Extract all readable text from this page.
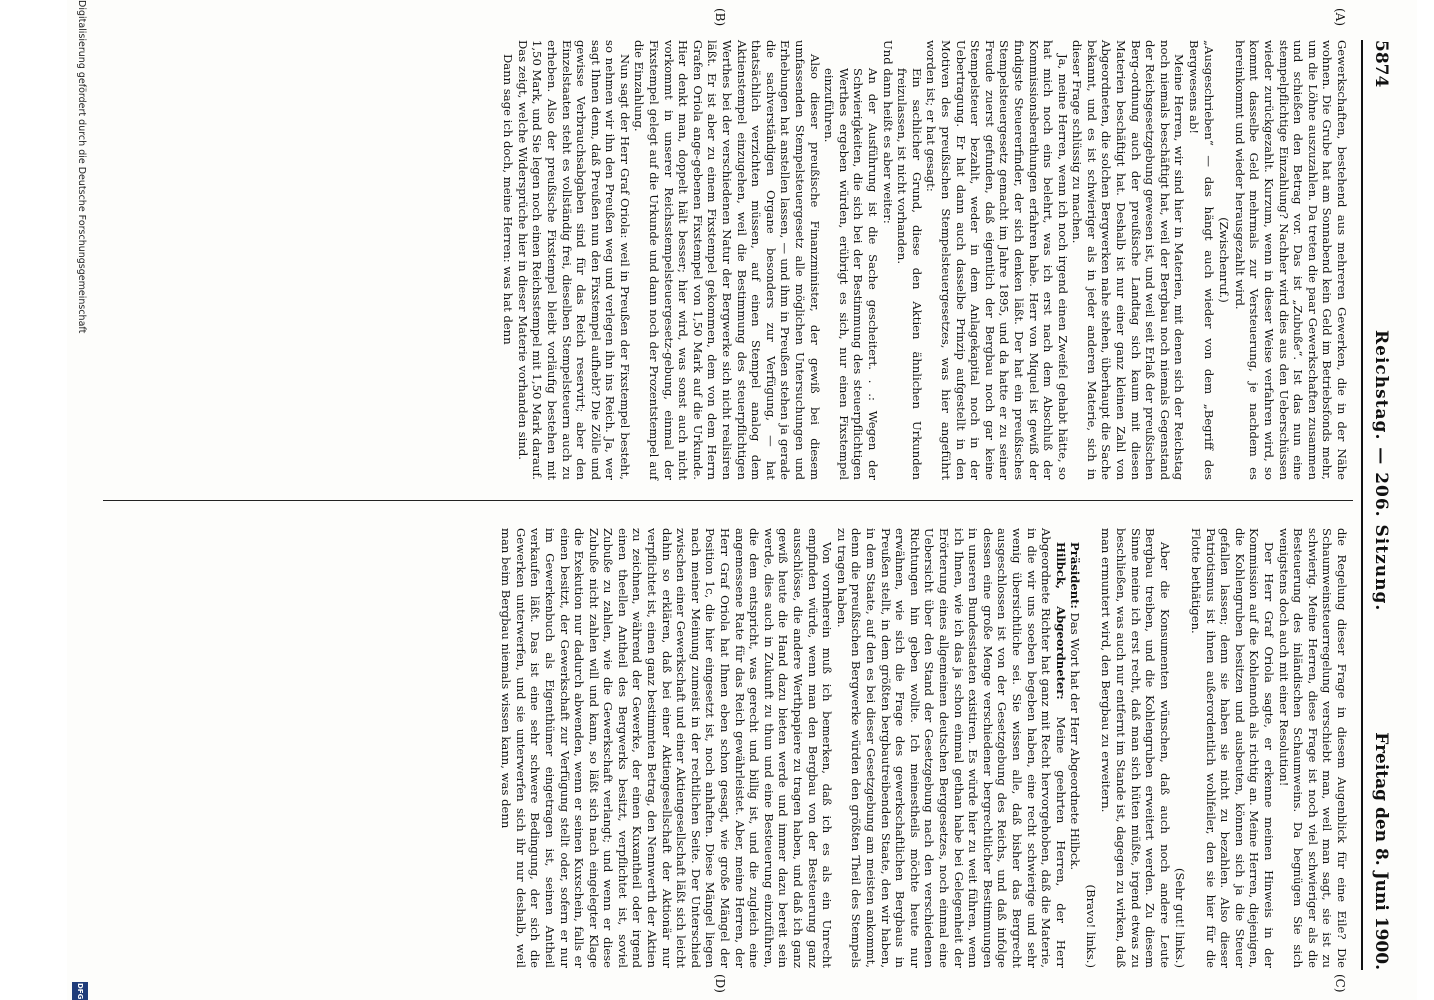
5874
Reichstag. — 206. Sitzung.
Freitag den 8. Juni 1900.
(A)
(B)
(C)
(D)

Gewerkschaften, bestehend aus mehreren Gewerken, die in der Nähe wohnen. Die Grube hat am Sonnabend kein Geld im Betriebsfonds mehr, um die Löhne auszuzahlen. Da treten die paar Gewerkschaften zusammen und schießen den Betrag vor. Das ist „Zubuße“. Ist das nun eine stempelpflichtige Einzahlung? Nachher wird dies aus den Ueberschüssen wieder zurückgezahlt. Kurzum, wenn in dieser Weise verfahren wird, so kommt dasselbe Geld mehrmals zur Versteuerung, je nachdem es hereinkommt und wieder herausgezahlt wird.

(Zwischenruf.)

„Ausgeschrieben“ — das hängt auch wieder von dem „Begriff des Bergwesens ab!

Meine Herren, wir sind hier in Materien, mit denen sich der Reichstag noch niemals beschäftigt hat, weil der Bergbau noch niemals Gegenstand der Reichsgesetzgebung gewesen ist, und weil seit Erlaß der preußischen Berg-ordnung auch der preußische Landtag sich kaum mit diesen Materien beschäftigt hat. Deshalb ist nur einer ganz kleinen Zahl von Abgeordneten, die solchen Bergwerken nahe stehen, überhaupt die Sache bekannt, und es ist schwieriger als in jeder anderen Materie, sich in dieser Frage schlüssig zu machen.

Ja, meine Herren, wenn ich noch irgend einen Zweifel gehabt hätte, so hat mich noch eins belehrt, was ich erst nach dem Abschluß der Kommissionsberathungen erfahren habe. Herr von Miquel ist gewiß der findigste Steuererfinder, der sich denken läßt. Der hat ein preußisches Stempelsteuergesetz gemacht im Jahre 1895, und da hatte er zu seiner Freude zuerst gefunden, daß eigentlich der Bergbau noch gar keine Stempelsteuer bezahlt, weder in dem Anlagekapital noch in der Uebertragung. Er hat dann auch dasselbe Prinzip aufgestellt in den Motiven des preußischen Stempelsteuergesetzes, was hier angeführt worden ist; er hat gesagt:

Ein sachlicher Grund, diese den Aktien ähnlichen Urkunden freizulassen, ist nicht vorhanden.

Und dann heißt es aber weiter:

An der Ausführung ist die Sache gescheitert. . .: Wegen der Schwierigkeiten, die sich bei der Bestimmung des steuerpflichtigen Werthes ergeben würden, erübrigt es sich, nur einen Fixstempel einzuführen.

Also dieser preußische Finanzminister, der gewiß bei diesem umfassenden Stempelsteuergesetz alle möglichen Untersuchungen und Erhebungen hat anstellen lassen, — und ihm in Preußen stehen ja gerade die sachverständigen Organe besonders zur Verfügung, — hat thatsächlich verzichten müssen, auf einen Stempel analog dem Aktienstempel einzugehen, weil die Bestimmung des steuerpflichtigen Werthes bei der verschiedenen Natur der Bergwerke sich nicht realisiren läßt. Er ist aber zu einem Fixstempel gekommen, dem von dem Herrn Grafen Oriola ange-gebenen Fixstempel von 1,50 Mark auf die Urkunde. Hier denkt man, doppelt hält besser; hier wird, was sonst auch nicht vorkommt in unserer Reichsstempelsteuergesetz-gebung, einmal der Fixstempel gelegt auf die Urkunde und dann noch der Prozentstempel auf die Einzahlung.

Nun sagt der Herr Graf Oriola: weil in Preußen der Fixstempel besteht, so nehmen wir ihn den Preußen weg und verlegen ihn ins Reich. Ja, wer sagt Ihnen denn, daß Preußen nun den Fixstempel aufhebt? Die Zölle und gewisse Verbrauchsabgaben sind für das Reich reservirt; aber den Einzelstaaten steht es vollständig frei, dieselben Stempelsteuern auch zu erheben. Also der preußische Fixstempel bleibt vorläufig bestehen mit 1,50 Mark, und Sie legen noch einen Reichsstempel mit 1,50 Mark darauf. Das zeigt, welche Widersprüche hier in dieser Materie vorhanden sind.

Dann sage ich doch, meine Herren: was hat denn

die Regelung dieser Frage in diesem Augenblick für eine Eile? Die Schaumweinsteuerregelung verschiebt man, weil man sagt, sie ist zu schwierig. Meine Herren, diese Frage ist noch viel schwieriger als die Besteuerung des inländischen Schaumweins. Da begnügen Sie sich wenigstens doch auch mit einer Resolution!

Der Herr Graf Oriola sagte, er erkenne meinen Hinweis in der Kommission auf die Kohlennoth als richtig an. Meine Herren, diejenigen, die Kohlengruben besitzen und ausbeuten, können sich ja die Steuer gefallen lassen; denn sie haben sie nicht zu bezahlen. Also dieser Patriotismus ist ihnen außerordentlich wohlfeiler, den sie hier für die Flotte bethätigen.

(Sehr gut! links.)

Aber die Konsumenten wünschen, daß auch noch andere Leute Bergbau treiben, und die Kohlengruben erweitert werden. Zu diesem Sinne meine ich erst recht, daß man sich hüten müßte, irgend etwas zu beschließen, was auch nur entfernt im Stande ist, dagegen zu wirken, daß man ermuntert wird, den Bergbau zu erweitern.

(Bravo! links.)

Präsident: Das Wort hat der Herr Abgeordnete Hilbck.

Hilbck, Abgeordneter: Meine geehrten Herren, der Herr Abgeordnete Richter hat ganz mit Recht hervorgehoben, daß die Materie, in die wir uns soeben begeben haben, eine recht schwierige und sehr wenig übersichtliche sei. Sie wissen alle, daß bisher das Bergrecht ausgeschlossen ist von der Gesetzgebung des Reichs, und daß infolge dessen eine große Menge verschiedener bergrechtlicher Bestimmungen in unseren Bundesstaaten existiren. Es würde hier zu weit führen, wenn ich Ihnen, wie ich das ja schon einmal gethan habe bei Gelegenheit der Erörterung eines allgemeinen deutschen Berggesetzes, noch einmal eine Uebersicht über den Stand der Gesetzgebung nach den verschiedenen Richtungen hin geben wollte. Ich meinestheils möchte heute nur erwähnen, wie sich die Frage des gewerkschaftlichen Bergbaus in Preußen stellt, in dem größten bergbautreibenden Staate, den wir haben, in dem Staate, auf den es bei dieser Gesetzgebung am meisten ankommt, denn die preußischen Bergwerke würden den größten Theil des Stempels zu tragen haben.

Von vornherein muß ich bemerken, daß ich es als ein Unrecht empfinden würde, wenn man den Bergbau von der Besteuerung ganz ausschlösse, die andere Werthpapiere zu tragen haben, und daß ich ganz gewiß heute die Hand dazu bieten werde und immer dazu bereit sein werde, dies auch in Zukunft zu thun und eine Besteuerung einzuführen, die dem entspricht, was gerecht und billig ist, und die zugleich eine angemessene Rate für das Reich gewährleistet. Aber, meine Herren, der Herr Graf Oriola hat Ihnen eben schon gesagt, wie große Mängel der Position 1c, die hier eingesetzt ist, noch anhaften. Diese Mängel liegen nach meiner Meinung zumeist in der rechtlichen Seite. Der Unterschied zwischen einer Gewerkschaft und einer Aktiengesellschaft läßt sich leicht dahin so erklären, daß bei einer Aktiengesellschaft der Aktionär nur verpflichtet ist, einen ganz bestimmten Betrag, den Nennwerth der Aktien zu zeichnen, während der Gewerke, der einen Kuxantheil oder irgend einen theellen Antheil des Bergwerks besitzt, verpflichtet ist, soviel Zubuße zu zahlen, wie die Gewerkschaft verlangt; und wenn er diese Zubuße nicht zahlen will und kann, so läßt sich nach eingelegter Klage die Exekution nur dadurch abwenden, wenn er seinen Kuxschein, falls er einen besitzt, der Gewerkschaft zur Verfügung stellt oder, sofern er nur im Gewerkenbuch als Eigenthümer eingetragen ist, seinen Antheil verkaufen läßt. Das ist eine sehr schwere Bedingung, der sich die Gewerken unterwerfen, und sie unterwerfen sich ihr nur deshalb, weil man beim Bergbau niemals wissen kann, was denn

Digitalisierung gefördert durch die Deutsche Forschungsgemeinschaft
DFG
